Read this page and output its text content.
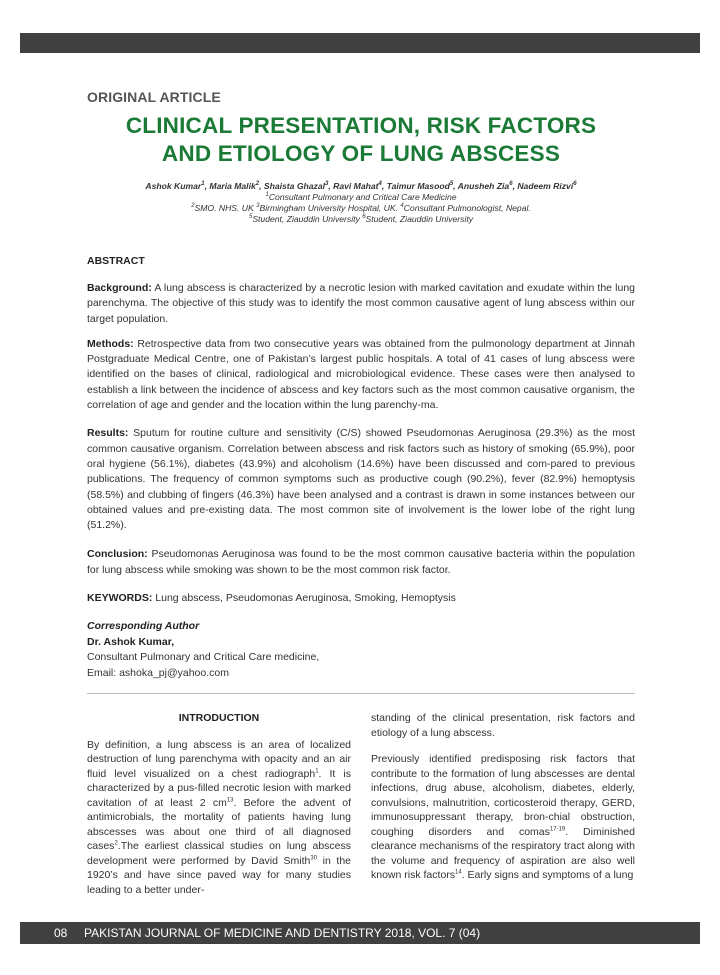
ORIGINAL ARTICLE
CLINICAL PRESENTATION, RISK FACTORS
AND ETIOLOGY OF LUNG ABSCESS
Ashok Kumar$^1$, Maria Malik$^2$, Shaista Ghazal$^3$, Ravi Mahat$^4$, Taimur Masood$^5$, Anusheh Zia$^6$, Nadeem Rizvi$^6$
$^1$Consultant Pulmonary and Critical Care Medicine
$^2$SMO. NHS. UK $^3$Birmingham University Hospital, UK. $^4$Consultant Pulmonologist, Nepal.
$^5$Student, Ziauddin University $^6$Student, Ziauddin University
ABSTRACT
Background: A lung abscess is characterized by a necrotic lesion with marked cavitation and exudate within the lung parenchyma. The objective of this study was to identify the most common causative agent of lung abscess within our target population.
Methods: Retrospective data from two consecutive years was obtained from the pulmonology department at Jinnah Postgraduate Medical Centre, one of Pakistan’s largest public hospitals. A total of 41 cases of lung abscess were identified on the bases of clinical, radiological and microbiological evidence. These cases were then analysed to establish a link between the incidence of abscess and key factors such as the most common causative organism, the correlation of age and gender and the location within the lung parenchy-ma.
Results: Sputum for routine culture and sensitivity (C/S) showed Pseudomonas Aeruginosa (29.3%) as the most common causative organism. Correlation between abscess and risk factors such as history of smoking (65.9%), poor oral hygiene (56.1%), diabetes (43.9%) and alcoholism (14.6%) have been discussed and com-pared to previous publications. The frequency of common symptoms such as productive cough (90.2%), fever (82.9%) hemoptysis (58.5%) and clubbing of fingers (46.3%) have been analysed and a contrast is drawn in some instances between our obtained values and pre-existing data. The most common site of involvement is the lower lobe of the right lung (51.2%).
Conclusion: Pseudomonas Aeruginosa was found to be the most common causative bacteria within the population for lung abscess while smoking was shown to be the most common risk factor.
KEYWORDS: Lung abscess, Pseudomonas Aeruginosa, Smoking, Hemoptysis
Corresponding Author
Dr. Ashok Kumar,
Consultant Pulmonary and Critical Care medicine,
Email: ashoka_pj@yahoo.com
INTRODUCTION

By definition, a lung abscess is an area of localized destruction of lung parenchyma with opacity and an air fluid level visualized on a chest radiograph$^1$. It is characterized by a pus-filled necrotic lesion with marked cavitation of at least 2 $cm^{13}$. Before the advent of antimicrobials, the mortality of patients having lung abscesses was about one third of all diagnosed cases$^2$.The earliest classical studies on lung abscess development were performed by David Smith$^{30}$ in the 1920’s and have since paved way for many studies leading to a better under-

standing of the clinical presentation, risk factors and etiology of a lung abscess.

Previously identified predisposing risk factors that contribute to the formation of lung abscesses are dental infections, drug abuse, alcoholism, diabetes, elderly, convulsions, malnutrition, corticosteroid therapy, GERD, immunosuppressant therapy, bron-chial obstruction, coughing disorders and comas$^{17-19}$. Diminished clearance mechanisms of the respiratory tract along with the volume and frequency of aspiration are also well known risk factors$^{14}$. Early signs and symptoms of a lung

08 PAKISTAN JOURNAL OF MEDICINE AND DENTISTRY 2018, VOL. 7 (04)
